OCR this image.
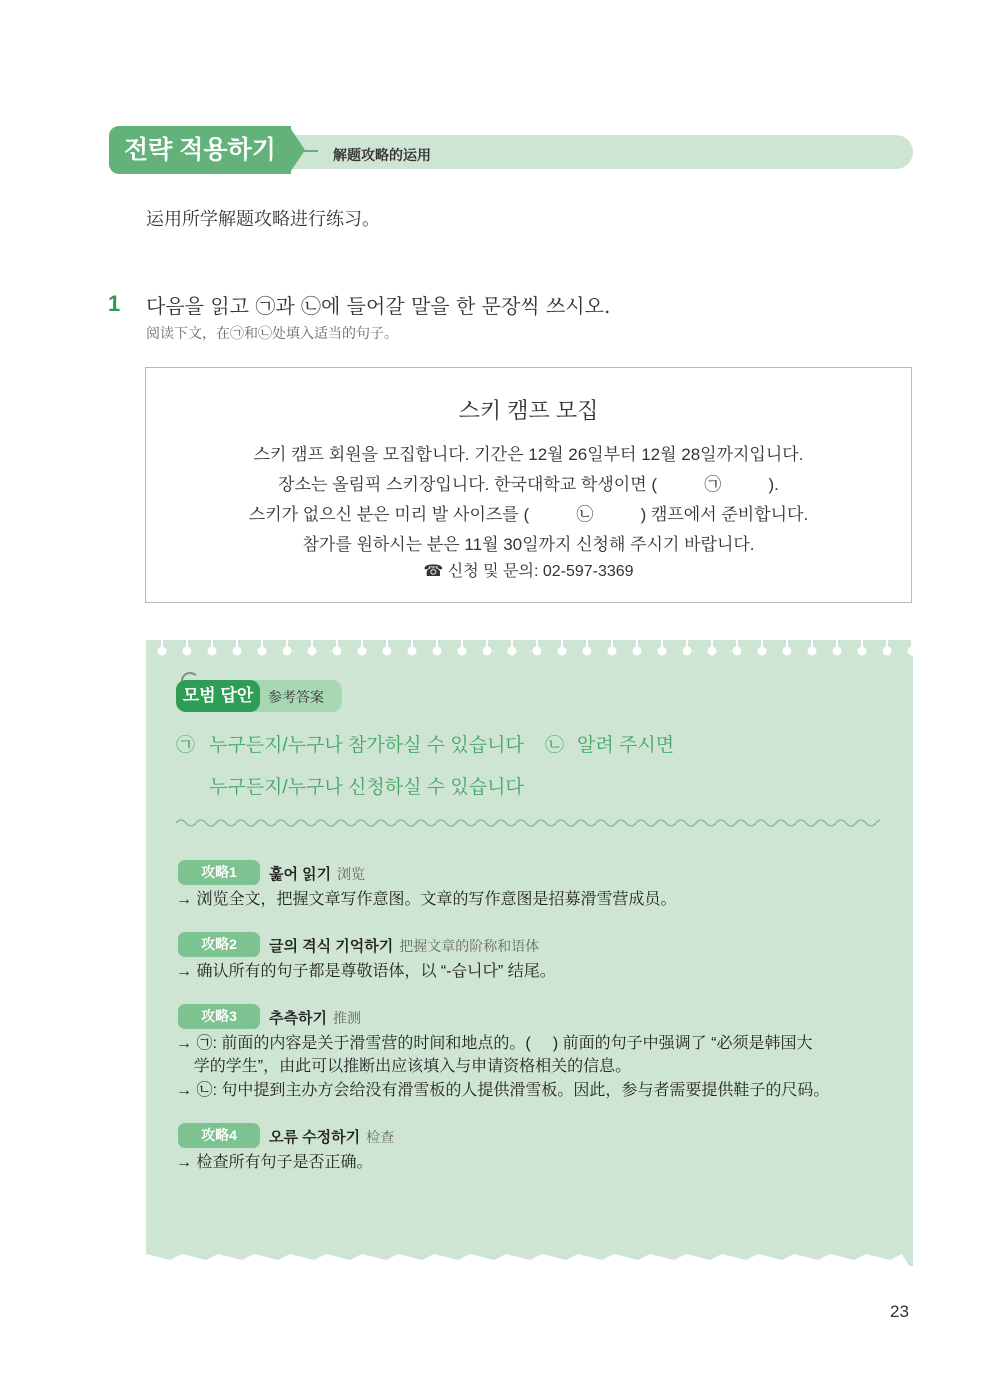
전략 적용하기	解题攻略的运用
运用所学解题攻略进行练习。
1 다음을 읽고 ㉠과 ㉡에 들어갈 말을 한 문장씩 쓰시오.
阅读下文，在㉠和㉡处填入适当的句子。
스키 캠프 모집
스키 캠프 회원을 모집합니다. 기간은 12월 26일부터 12월 28일까지입니다.
장소는 올림픽 스키장입니다. 한국대학교 학생이면 (          ㉠          ).
스키가 없으신 분은 미리 발 사이즈를 (          ㉡          ) 캠프에서 준비합니다.
참가를 원하시는 분은 11월 30일까지 신청해 주시기 바랍니다.
☎ 신청 및 문의: 02-597-3369
모범 답안	参考答案
㉠ 누구든지/누구나 참가하실 수 있습니다 ㉡ 알려 주시면
누구든지/누구나 신청하실 수 있습니다
攻略1	훑어 읽기 浏览
→ 浏览全文，把握文章写作意图。文章的写作意图是招募滑雪营成员。
攻略2	글의 격식 기억하기 把握文章的阶称和语体
→ 确认所有的句子都是尊敬语体，以 “-습니다” 结尾。
攻略3	추측하기 推测
→ ㉠: 前面的内容是关于滑雪营的时间和地点的。(     ) 前面的句子中强调了 “必须是韩国大
学的学生”，由此可以推断出应该填入与申请资格相关的信息。
→ ㉡: 句中提到主办方会给没有滑雪板的人提供滑雪板。因此，参与者需要提供鞋子的尺码。
攻略4	오류 수정하기 检查
→ 检查所有句子是否正确。
23
